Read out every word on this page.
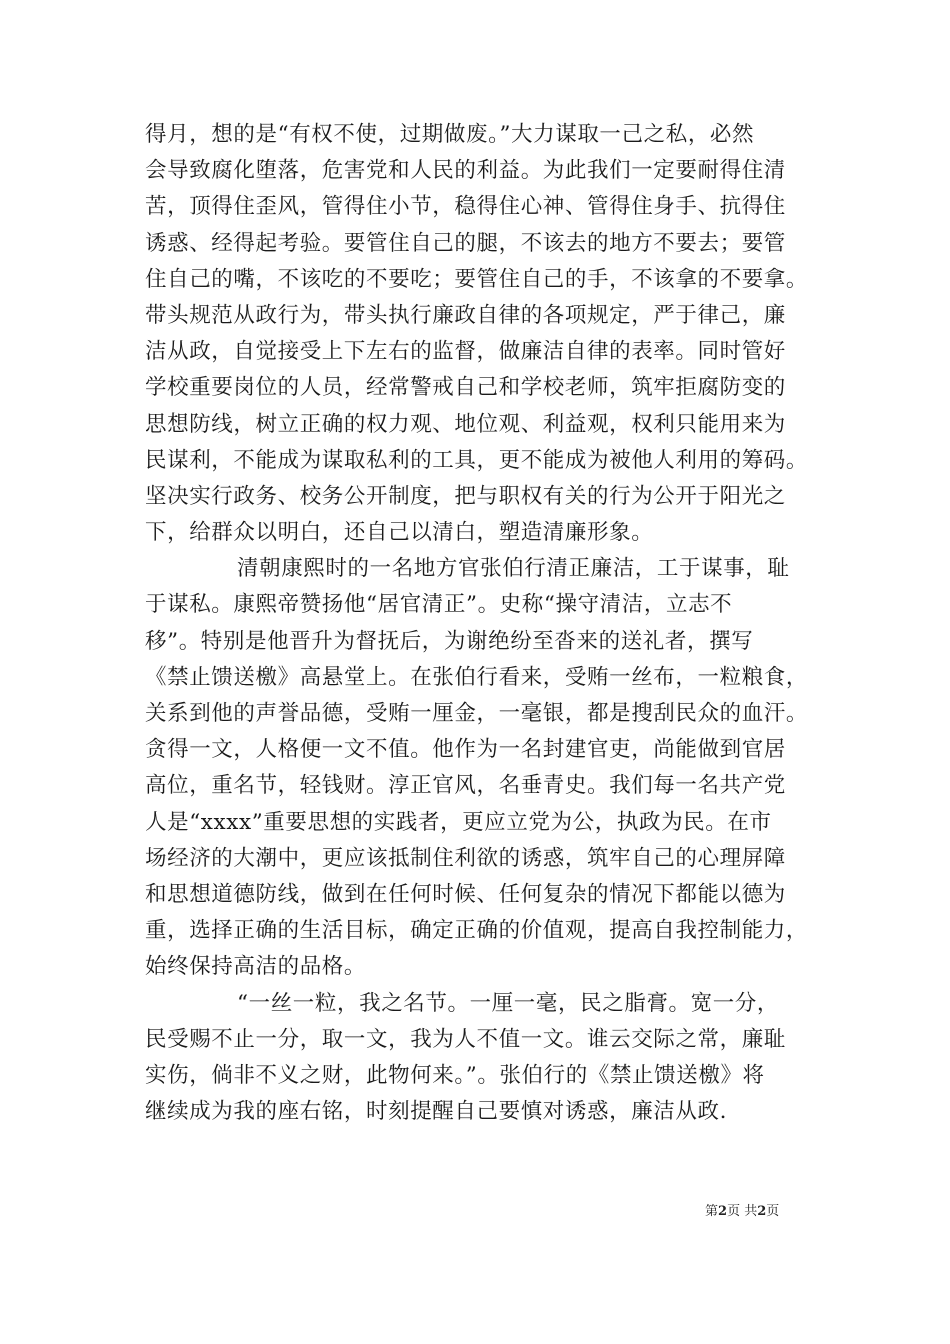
得月，想的是“有权不使，过期做废。”大力谋取一己之私，必然
会导致腐化堕落，危害党和人民的利益。为此我们一定要耐得住清
苦，顶得住歪风，管得住小节，稳得住心神、管得住身手、抗得住
诱惑、经得起考验。要管住自己的腿，不该去的地方不要去；要管
住自己的嘴，不该吃的不要吃；要管住自己的手，不该拿的不要拿。
带头规范从政行为，带头执行廉政自律的各项规定，严于律己，廉
洁从政，自觉接受上下左右的监督，做廉洁自律的表率。同时管好
学校重要岗位的人员，经常警戒自己和学校老师，筑牢拒腐防变的
思想防线，树立正确的权力观、地位观、利益观，权利只能用来为
民谋利，不能成为谋取私利的工具，更不能成为被他人利用的筹码。
坚决实行政务、校务公开制度，把与职权有关的行为公开于阳光之
下，给群众以明白，还自己以清白，塑造清廉形象。
清朝康熙时的一名地方官张伯行清正廉洁，工于谋事，耻
于谋私。康熙帝赞扬他“居官清正”。史称“操守清洁，立志不
移”。特别是他晋升为督抚后，为谢绝纷至沓来的送礼者，撰写
《禁止馈送檄》高悬堂上。在张伯行看来，受贿一丝布，一粒粮食，
关系到他的声誉品德，受贿一厘金，一毫银，都是搜刮民众的血汗。
贪得一文，人格便一文不值。他作为一名封建官吏，尚能做到官居
高位，重名节，轻钱财。淳正官风，名垂青史。我们每一名共产党
人是“xxxx”重要思想的实践者，更应立党为公，执政为民。在市
场经济的大潮中，更应该抵制住利欲的诱惑，筑牢自己的心理屏障
和思想道德防线，做到在任何时候、任何复杂的情况下都能以德为
重，选择正确的生活目标，确定正确的价值观，提高自我控制能力，
始终保持高洁的品格。
“一丝一粒，我之名节。一厘一毫，民之脂膏。宽一分，
民受赐不止一分，取一文，我为人不值一文。谁云交际之常，廉耻
实伤，倘非不义之财，此物何来。”。张伯行的《禁止馈送檄》将
继续成为我的座右铭，时刻提醒自己要慎对诱惑，廉洁从政.
第2页 共2页
